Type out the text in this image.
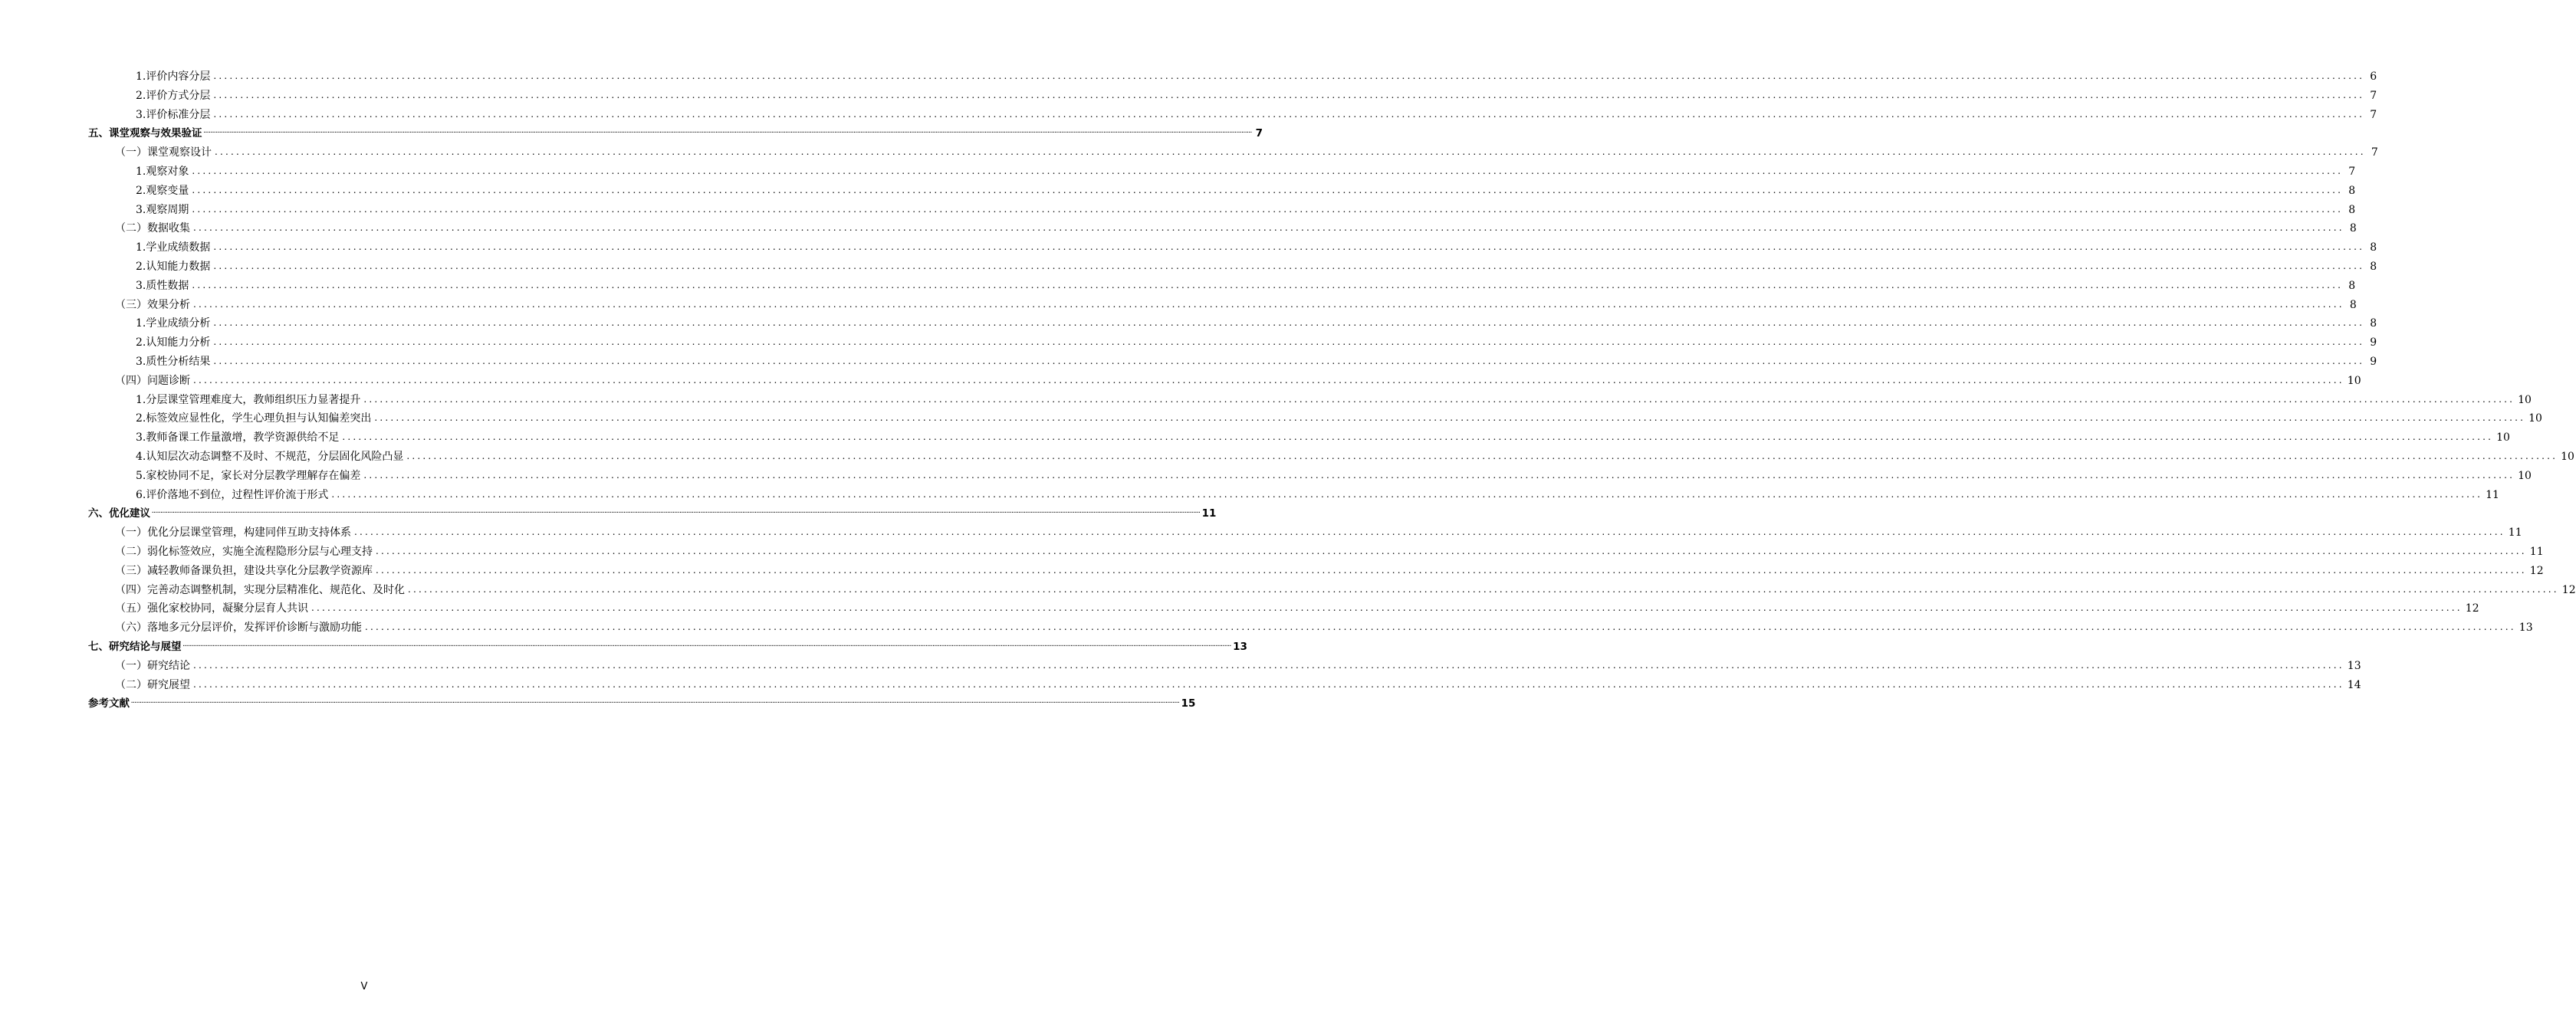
1.评价内容分层 ................................................................................................................................................................................................................................................................................................................................................................................................................ 6
2.评价方式分层 ................................................................................................................................................................................................................................................................................................................................................................................................................ 7
3.评价标准分层 ................................................................................................................................................................................................................................................................................................................................................................................................................ 7
五、课堂观察与效果验证 ........................................................................................................................................................................................................................................................................................................................................................................................................................................................................................................................................................................................................................ 7
（一）课堂观察设计 ................................................................................................................................................................................................................................................................................................................................................................................................................ 7
1.观察对象 ................................................................................................................................................................................................................................................................................................................................................................................................................ 7
2.观察变量 ................................................................................................................................................................................................................................................................................................................................................................................................................ 8
3.观察周期 ................................................................................................................................................................................................................................................................................................................................................................................................................ 8
（二）数据收集 ................................................................................................................................................................................................................................................................................................................................................................................................................ 8
1.学业成绩数据 ................................................................................................................................................................................................................................................................................................................................................................................................................ 8
2.认知能力数据 ................................................................................................................................................................................................................................................................................................................................................................................................................ 8
3.质性数据 ................................................................................................................................................................................................................................................................................................................................................................................................................ 8
（三）效果分析 ................................................................................................................................................................................................................................................................................................................................................................................................................ 8
1.学业成绩分析 ................................................................................................................................................................................................................................................................................................................................................................................................................ 8
2.认知能力分析 ................................................................................................................................................................................................................................................................................................................................................................................................................ 9
3.质性分析结果 ................................................................................................................................................................................................................................................................................................................................................................................................................ 9
（四）问题诊断 ................................................................................................................................................................................................................................................................................................................................................................................................................ 10
1.分层课堂管理难度大，教师组织压力显著提升 ................................................................................................................................................................................................................................................................................................................................................................................................................ 10
2.标签效应显性化，学生心理负担与认知偏差突出 ................................................................................................................................................................................................................................................................................................................................................................................................................ 10
3.教师备课工作量激增，教学资源供给不足 ................................................................................................................................................................................................................................................................................................................................................................................................................ 10
4.认知层次动态调整不及时、不规范，分层固化风险凸显 ................................................................................................................................................................................................................................................................................................................................................................................................................ 10
5.家校协同不足，家长对分层教学理解存在偏差 ................................................................................................................................................................................................................................................................................................................................................................................................................ 10
6.评价落地不到位，过程性评价流于形式 ................................................................................................................................................................................................................................................................................................................................................................................................................ 11
六、优化建议 ........................................................................................................................................................................................................................................................................................................................................................................................................................................................................................................................................................................................................................ 11
（一）优化分层课堂管理，构建同伴互助支持体系 ................................................................................................................................................................................................................................................................................................................................................................................................................ 11
（二）弱化标签效应，实施全流程隐形分层与心理支持 ................................................................................................................................................................................................................................................................................................................................................................................................................ 11
（三）减轻教师备课负担，建设共享化分层教学资源库 ................................................................................................................................................................................................................................................................................................................................................................................................................ 12
（四）完善动态调整机制，实现分层精准化、规范化、及时化 ................................................................................................................................................................................................................................................................................................................................................................................................................ 12
（五）强化家校协同，凝聚分层育人共识 ................................................................................................................................................................................................................................................................................................................................................................................................................ 12
（六）落地多元分层评价，发挥评价诊断与激励功能 ................................................................................................................................................................................................................................................................................................................................................................................................................ 13
七、研究结论与展望 ........................................................................................................................................................................................................................................................................................................................................................................................................................................................................................................................................................................................................................ 13
（一）研究结论 ................................................................................................................................................................................................................................................................................................................................................................................................................ 13
（二）研究展望 ................................................................................................................................................................................................................................................................................................................................................................................................................ 14
参考文献 ........................................................................................................................................................................................................................................................................................................................................................................................................................................................................................................................................................................................................................ 15
V
